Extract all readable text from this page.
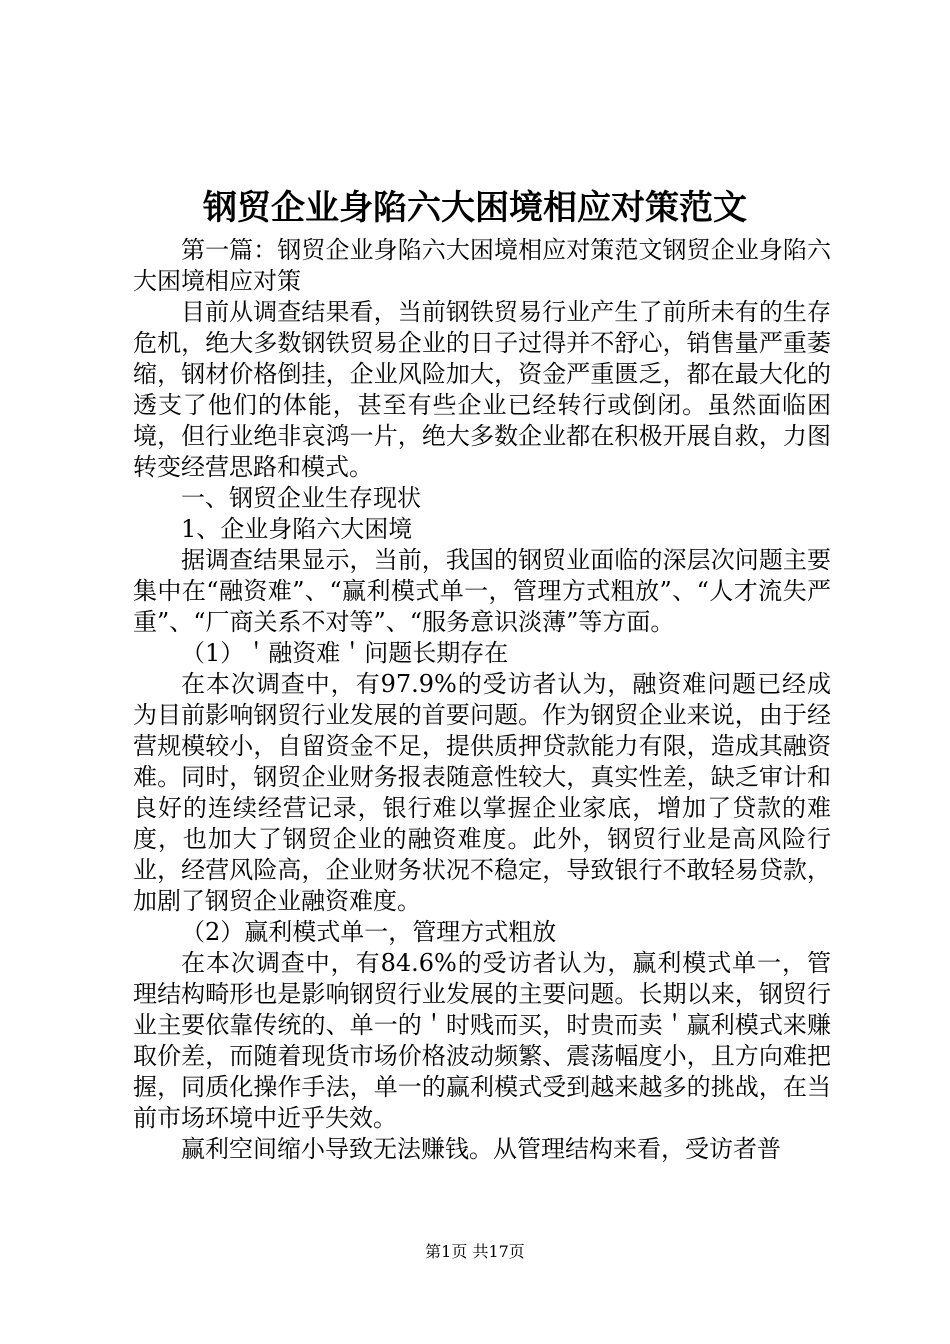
钢贸企业身陷六大困境相应对策范文

第一篇：钢贸企业身陷六大困境相应对策范文钢贸企业身陷六大困境相应对策

目前从调查结果看，当前钢铁贸易行业产生了前所未有的生存危机，绝大多数钢铁贸易企业的日子过得并不舒心，销售量严重萎缩，钢材价格倒挂，企业风险加大，资金严重匮乏，都在最大化的透支了他们的体能，甚至有些企业已经转行或倒闭。虽然面临困境，但行业绝非哀鸿一片，绝大多数企业都在积极开展自救，力图转变经营思路和模式。

一、钢贸企业生存现状

1、企业身陷六大困境

据调查结果显示，当前，我国的钢贸业面临的深层次问题主要集中在“融资难”、“赢利模式单一，管理方式粗放”、“人才流失严重”、“厂商关系不对等”、“服务意识淡薄”等方面。

（1）＇融资难＇问题长期存在

在本次调查中，有97.9%的受访者认为，融资难问题已经成为目前影响钢贸行业发展的首要问题。作为钢贸企业来说，由于经营规模较小，自留资金不足，提供质押贷款能力有限，造成其融资难。同时，钢贸企业财务报表随意性较大，真实性差，缺乏审计和良好的连续经营记录，银行难以掌握企业家底，增加了贷款的难度，也加大了钢贸企业的融资难度。此外，钢贸行业是高风险行业，经营风险高，企业财务状况不稳定，导致银行不敢轻易贷款，加剧了钢贸企业融资难度。

（2）赢利模式单一，管理方式粗放

在本次调查中，有84.6%的受访者认为，赢利模式单一，管理结构畸形也是影响钢贸行业发展的主要问题。长期以来，钢贸行业主要依靠传统的、单一的＇时贱而买，时贵而卖＇赢利模式来赚取价差，而随着现货市场价格波动频繁、震荡幅度小，且方向难把握，同质化操作手法，单一的赢利模式受到越来越多的挑战，在当前市场环境中近乎失效。

赢利空间缩小导致无法赚钱。从管理结构来看，受访者普

第1页 共17页
